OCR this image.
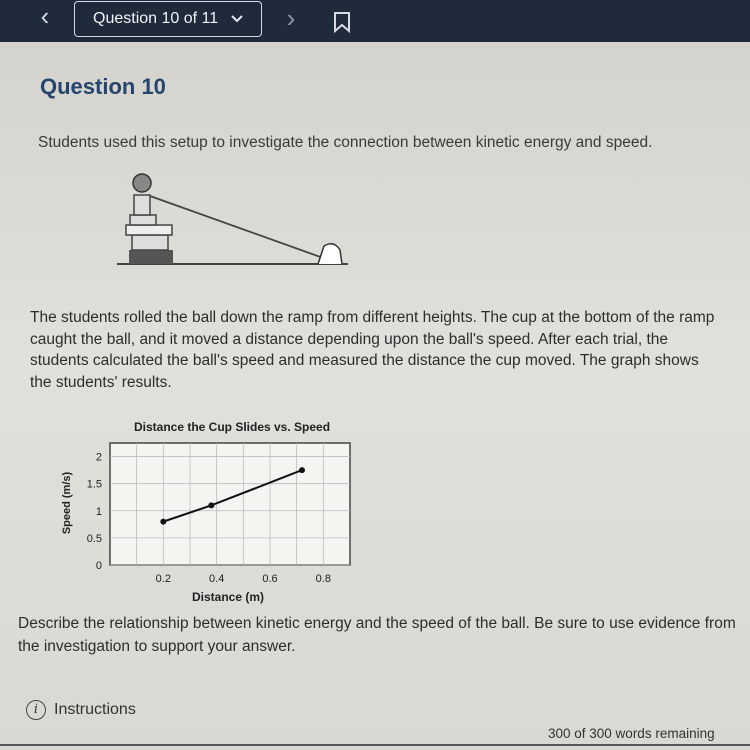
‹	Question 10 of 11	›
Question 10
Students used this setup to investigate the connection between kinetic energy and speed.
The students rolled the ball down the ramp from different heights. The cup at the bottom of the ramp caught the ball, and it moved a distance depending upon the ball's speed. After each trial, the students calculated the ball's speed and measured the distance the cup moved. The graph shows the students' results.
Distance the Cup Slides vs. Speed
0.2	0.4	0.6	0.8
0
0.5
1
1.5
2
Distance (m)
Speed (m/s)
Describe the relationship between kinetic energy and the speed of the ball. Be sure to use evidence from the investigation to support your answer.
i Instructions
300 of 300 words remaining
